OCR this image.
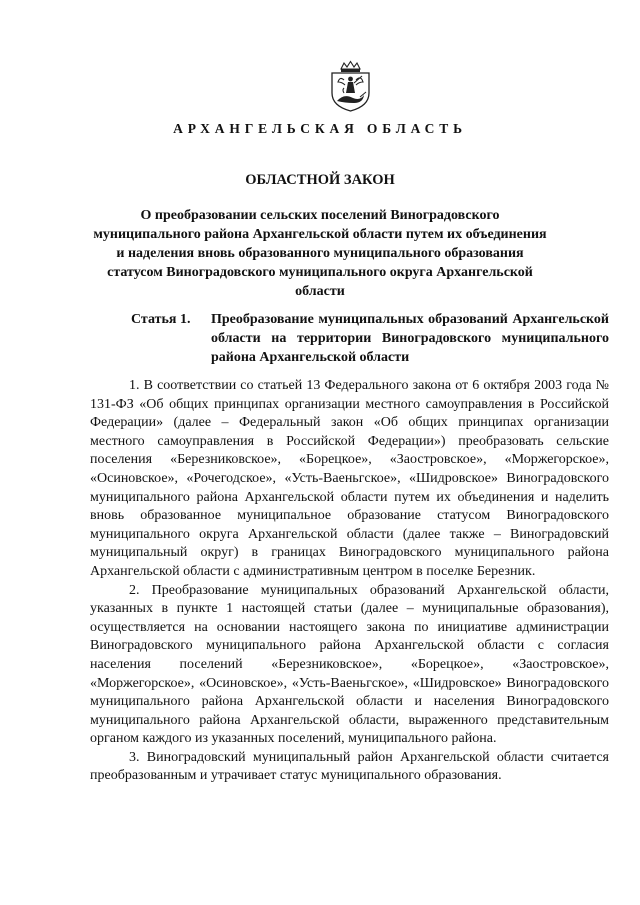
АРХАНГЕЛЬСКАЯ ОБЛАСТЬ
ОБЛАСТНОЙ ЗАКОН
О преобразовании сельских поселений Виноградовского муниципального района Архангельской области путем их объединения и наделения вновь образованного муниципального образования статусом Виноградовского муниципального округа Архангельской области
Статья 1. Преобразование муниципальных образований Архангельской области на территории Виноградовского муниципального района Архангельской области

1. В соответствии со статьей 13 Федерального закона от 6 октября 2003 года № 131-ФЗ «Об общих принципах организации местного самоуправления в Российской Федерации» (далее – Федеральный закон «Об общих принципах организации местного самоуправления в Российской Федерации») преобразовать сельские поселения «Березниковское», «Борецкое», «Заостровское», «Моржегорское», «Осиновское», «Рочегодское», «Усть-Ваеньгское», «Шидровское» Виноградовского муниципального района Архангельской области путем их объединения и наделить вновь образованное муниципальное образование статусом Виноградовского муниципального округа Архангельской области (далее также – Виноградовский муниципальный округ) в границах Виноградовского муниципального района Архангельской области с административным центром в поселке Березник.

2. Преобразование муниципальных образований Архангельской области, указанных в пункте 1 настоящей статьи (далее – муниципальные образования), осуществляется на основании настоящего закона по инициативе администрации Виноградовского муниципального района Архангельской области с согласия населения поселений «Березниковское», «Борецкое», «Заостровское», «Моржегорское», «Осиновское», «Усть-Ваеньгское», «Шидровское» Виноградовского муниципального района Архангельской области и населения Виноградовского муниципального района Архангельской области, выраженного представительным органом каждого из указанных поселений, муниципального района.

3. Виноградовский муниципальный район Архангельской области считается преобразованным и утрачивает статус муниципального образования.
